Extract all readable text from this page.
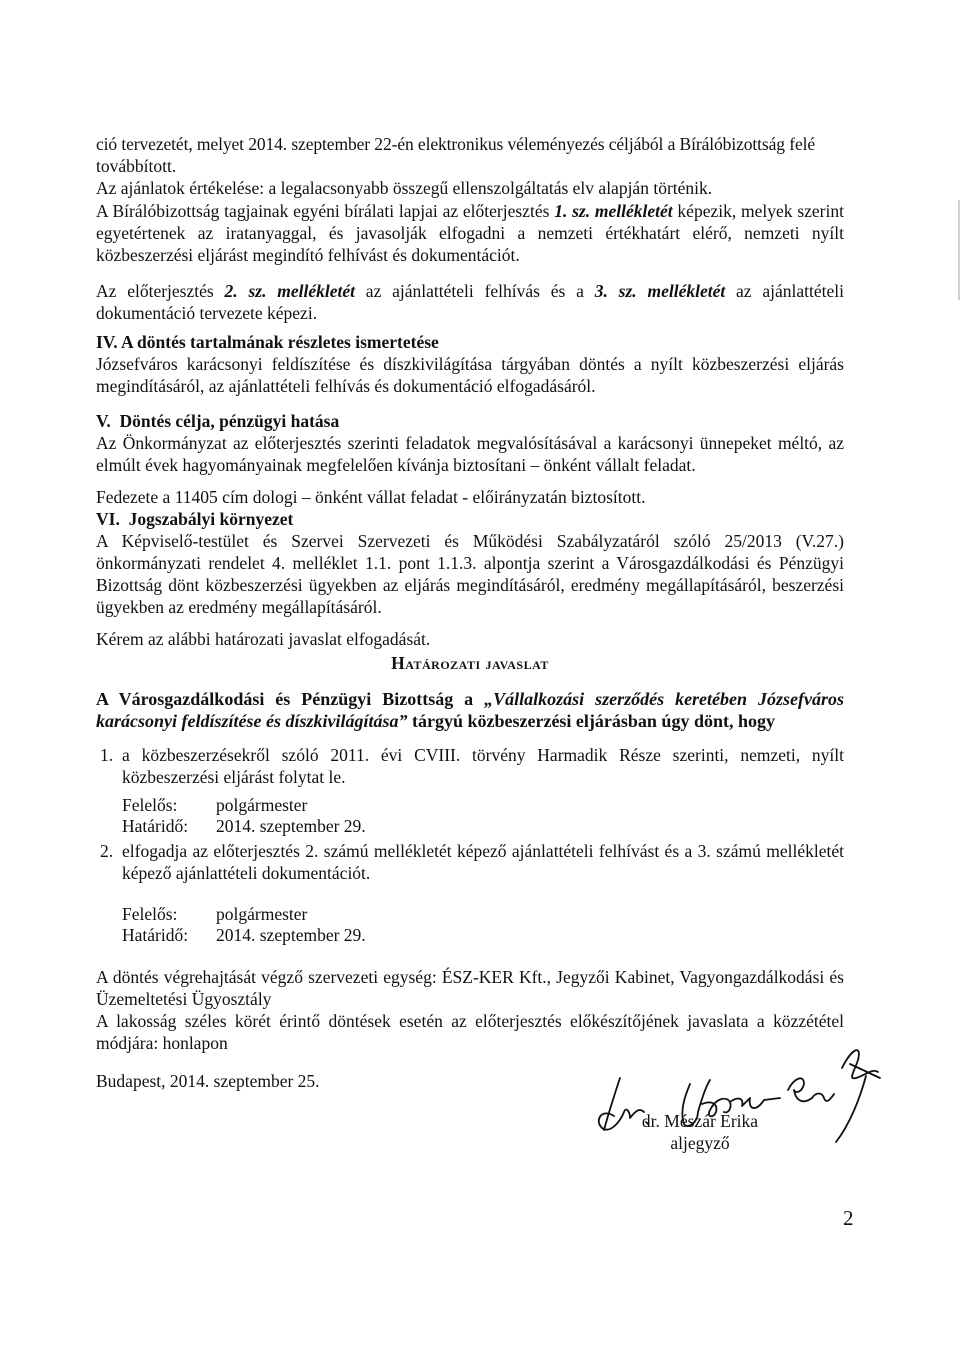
ció tervezetét, melyet 2014. szeptember 22-én elektronikus véleményezés céljából a Bírálóbizottság felé

továbbított.

Az ajánlatok értékelése: a legalacsonyabb összegű ellenszolgáltatás elv alapján történik.

A Bírálóbizottság tagjainak egyéni bírálati lapjai az előterjesztés 1. sz. mellékletét képezik, melyek szerint egyetértenek az iratanyaggal, és javasolják elfogadni a nemzeti értékhatárt elérő, nemzeti nyílt közbeszerzési eljárást megindító felhívást és dokumentációt.

Az előterjesztés 2. sz. mellékletét az ajánlattételi felhívás és a 3. sz. mellékletét az ajánlattételi dokumentáció tervezete képezi.

IV. A döntés tartalmának részletes ismertetése

Józsefváros karácsonyi feldíszítése és díszkivilágítása tárgyában döntés a nyílt közbeszerzési eljárás megindításáról, az ajánlattételi felhívás és dokumentáció elfogadásáról.

V.  Döntés célja, pénzügyi hatása

Az Önkormányzat az előterjesztés szerinti feladatok megvalósításával a karácsonyi ünnepeket méltó, az elmúlt évek hagyományainak megfelelően kívánja biztosítani – önként vállalt feladat.

Fedezete a 11405 cím dologi – önként vállat feladat - előirányzatán biztosított.

VI.  Jogszabályi környezet

A Képviselő-testület és Szervei Szervezeti és Működési Szabályzatáról szóló 25/2013 (V.27.) önkormányzati rendelet 4. melléklet 1.1. pont 1.1.3. alpontja szerint a Városgazdálkodási és Pénzügyi Bizottság dönt közbeszerzési ügyekben az eljárás megindításáról, eredmény megállapításáról, beszerzési ügyekben az eredmény megállapításáról.

Kérem az alábbi határozati javaslat elfogadását.

Határozati javaslat

A Városgazdálkodási és Pénzügyi Bizottság a „Vállalkozási szerződés keretében Józsefváros karácsonyi feldíszítése és díszkivilágítása” tárgyú közbeszerzési eljárásban úgy dönt, hogy

1. a közbeszerzésekről szóló 2011. évi CVIII. törvény Harmadik Része szerinti, nemzeti, nyílt közbeszerzési eljárást folytat le.

Felelős: polgármester
Határidő: 2014. szeptember 29.
2. elfogadja az előterjesztés 2. számú mellékletét képező ajánlattételi felhívást és a 3. számú mellékletét képező ajánlattételi dokumentációt.

Felelős: polgármester
Határidő: 2014. szeptember 29.

A döntés végrehajtását végző szervezeti egység: ÉSZ-KER Kft., Jegyzői Kabinet, Vagyongazdálkodási és Üzemeltetési Ügyosztály

A lakosság széles körét érintő döntések esetén az előterjesztés előkészítőjének javaslata a közzététel módjára: honlapon

Budapest, 2014. szeptember 25.

dr. Mészár Erika

aljegyző

2
